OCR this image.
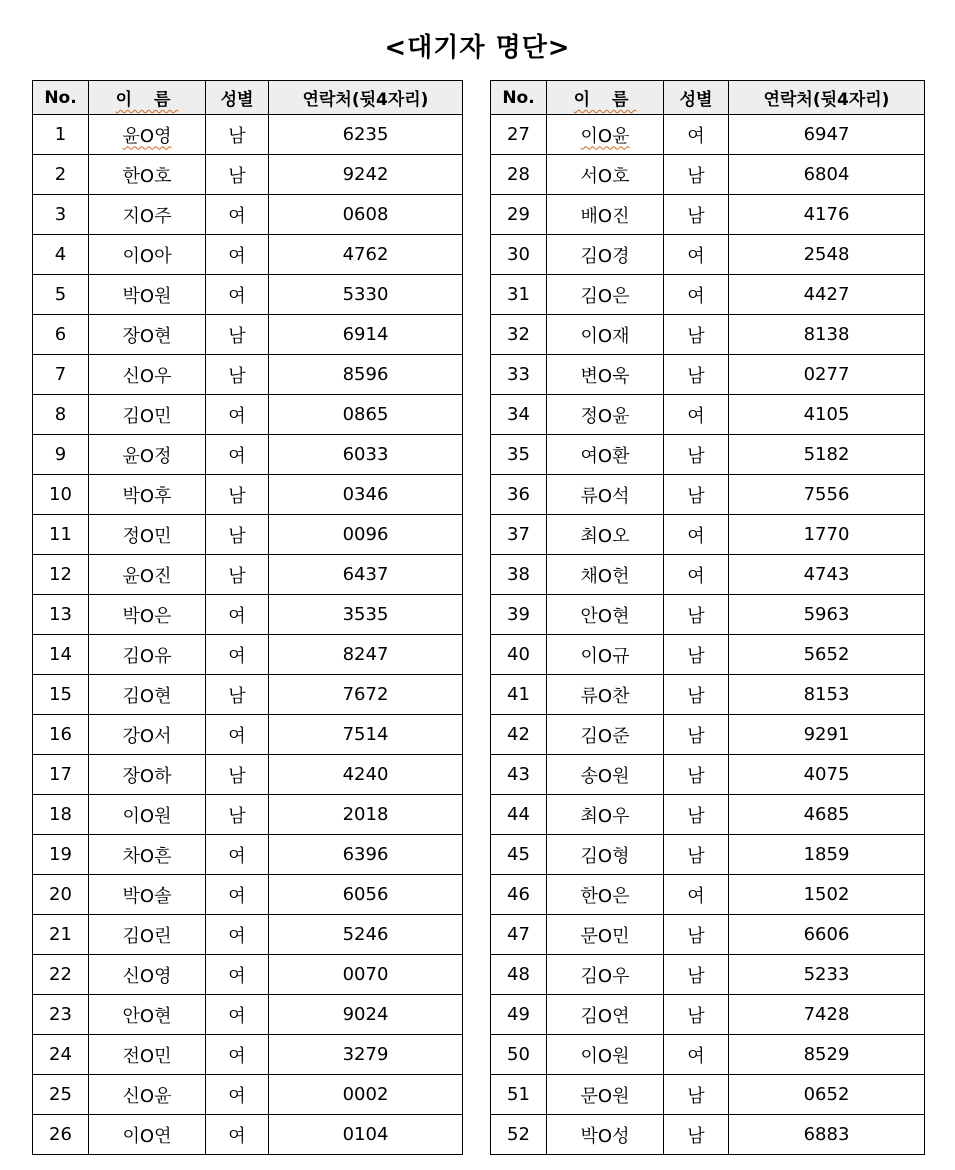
<대기자 명단>
No.	이 름	성별	연락처(뒷4자리)
1	윤O영	남	6235
2	한O호	남	9242
3	지O주	여	0608
4	이O아	여	4762
5	박O원	여	5330
6	장O현	남	6914
7	신O우	남	8596
8	김O민	여	0865
9	윤O정	여	6033
10	박O후	남	0346
11	정O민	남	0096
12	윤O진	남	6437
13	박O은	여	3535
14	김O유	여	8247
15	김O현	남	7672
16	강O서	여	7514
17	장O하	남	4240
18	이O원	남	2018
19	차O흔	여	6396
20	박O솔	여	6056
21	김O린	여	5246
22	신O영	여	0070
23	안O현	여	9024
24	전O민	여	3279
25	신O윤	여	0002
26	이O연	여	0104
No.	이 름	성별	연락처(뒷4자리)
27	이O윤	여	6947
28	서O호	남	6804
29	배O진	남	4176
30	김O경	여	2548
31	김O은	여	4427
32	이O재	남	8138
33	변O욱	남	0277
34	정O윤	여	4105
35	여O환	남	5182
36	류O석	남	7556
37	최O오	여	1770
38	채O헌	여	4743
39	안O현	남	5963
40	이O규	남	5652
41	류O찬	남	8153
42	김O준	남	9291
43	송O원	남	4075
44	최O우	남	4685
45	김O형	남	1859
46	한O은	여	1502
47	문O민	남	6606
48	김O우	남	5233
49	김O연	남	7428
50	이O원	여	8529
51	문O원	남	0652
52	박O성	남	6883
